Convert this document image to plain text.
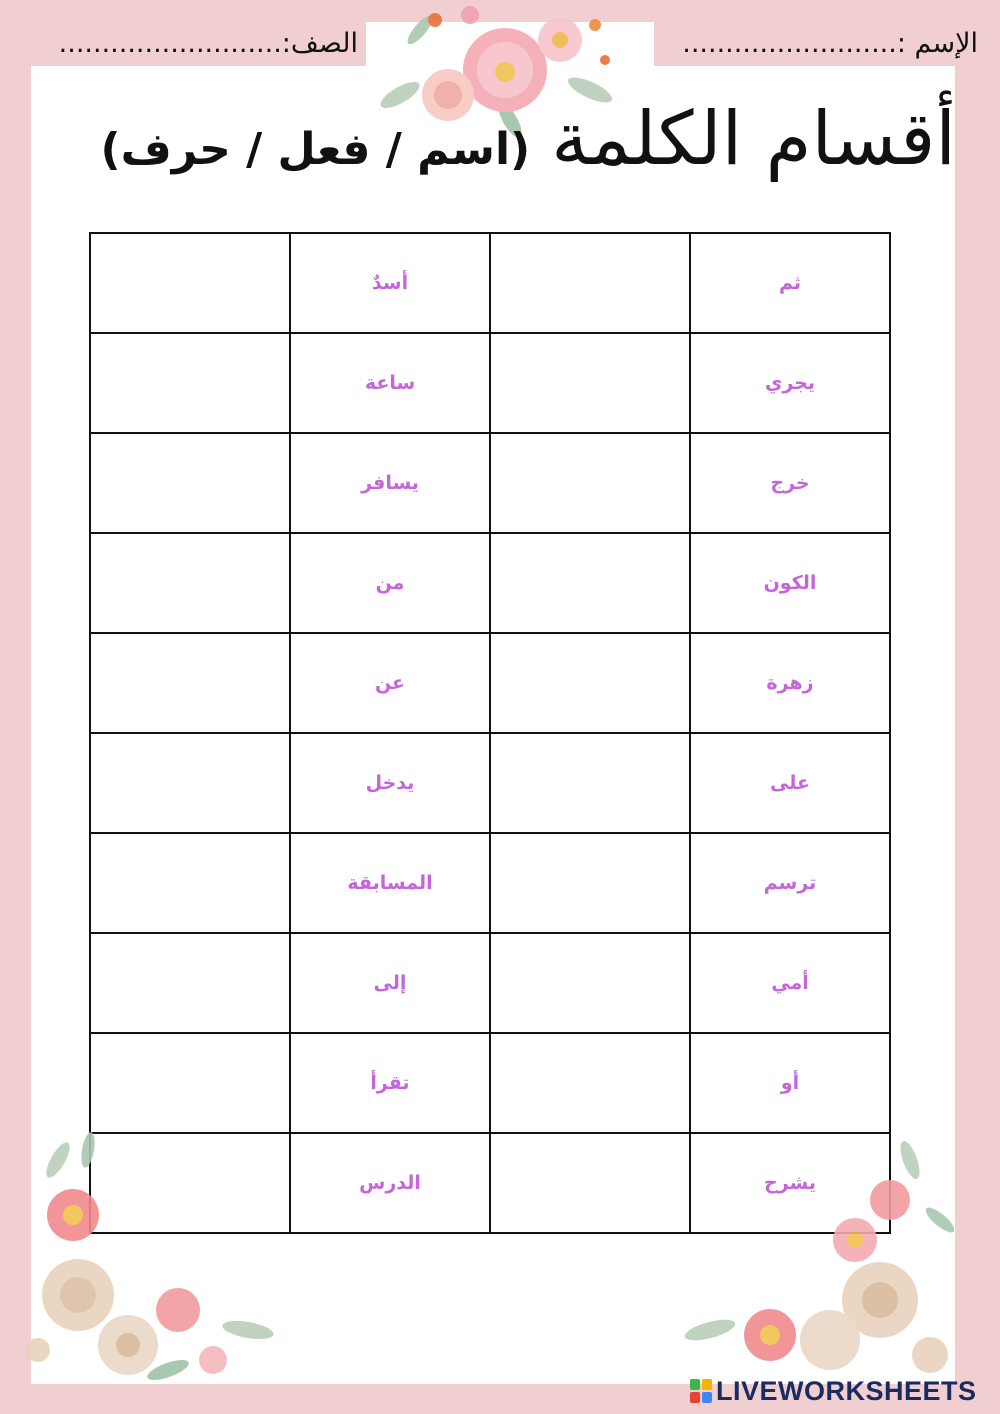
الإسم :.........................
الصف:..........................
أقسام الكلمة (اسم / فعل / حرف)
	أسدٌ		ثم
	ساعة		يجري
	يسافر		خرج
	من		الكون
	عن		زهرة
	يدخل		على
	المسابقة		ترسم
	إلى		أمي
	تقرأ		أو
	الدرس		يشرح
LIVEWORKSHEETS
